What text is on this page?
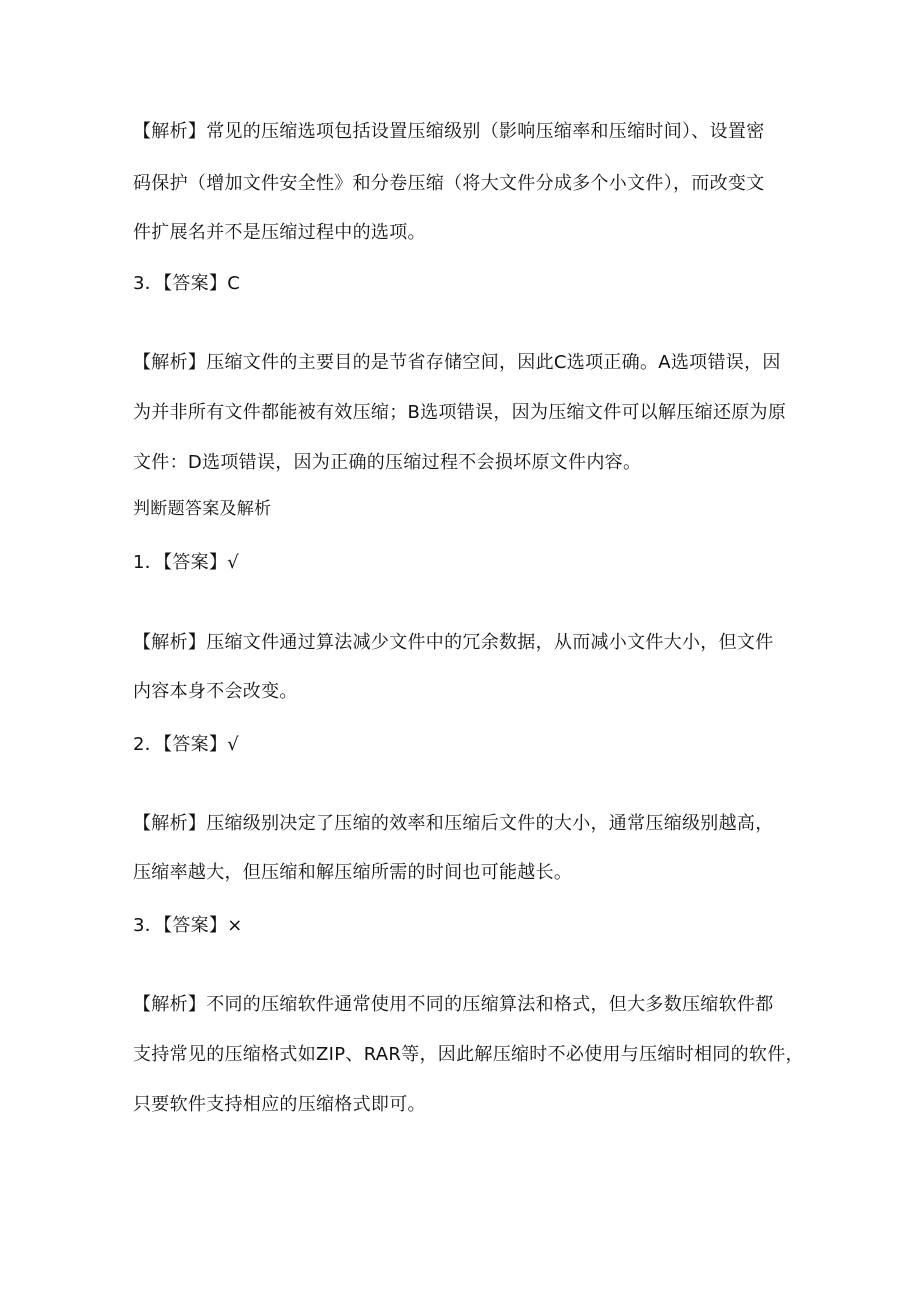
【解析】常见的压缩选项包括设置压缩级别（影响压缩率和压缩时间）、设置密
码保护（增加文件安全性》和分卷压缩（将大文件分成多个小文件），而改变文
件扩展名并不是压缩过程中的选项。
3．【答案】C
【解析】压缩文件的主要目的是节省存储空间，因此C选项正确。A选项错误，因
为并非所有文件都能被有效压缩；B选项错误，因为压缩文件可以解压缩还原为原
文件：D选项错误，因为正确的压缩过程不会损坏原文件内容。
判断题答案及解析
1．【答案】√
【解析】压缩文件通过算法减少文件中的冗余数据，从而减小文件大小，但文件
内容本身不会改变。
2．【答案】√
【解析】压缩级别决定了压缩的效率和压缩后文件的大小，通常压缩级别越高，
压缩率越大，但压缩和解压缩所需的时间也可能越长。
3．【答案】×
【解析】不同的压缩软件通常使用不同的压缩算法和格式，但大多数压缩软件都
支持常见的压缩格式如ZIP、RAR等，因此解压缩时不必使用与压缩时相同的软件，
只要软件支持相应的压缩格式即可。
